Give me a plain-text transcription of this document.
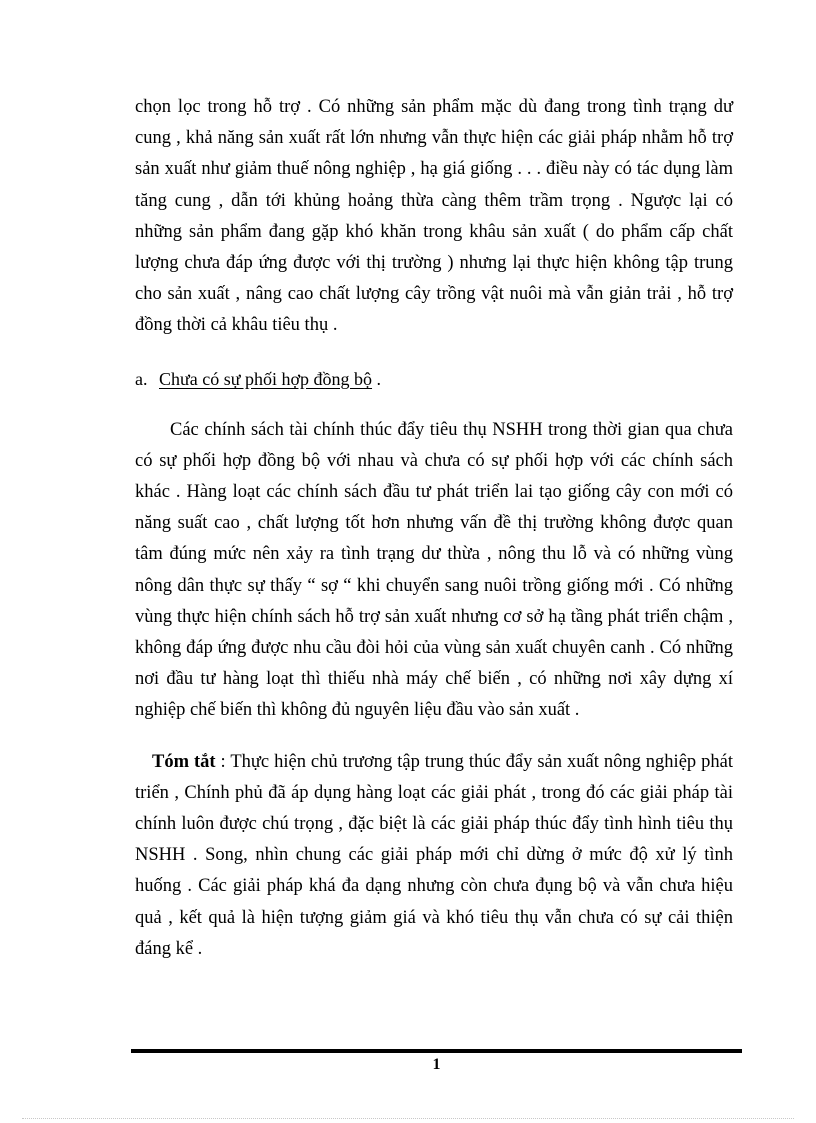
chọn lọc trong hỗ trợ . Có những sản phẩm mặc dù đang trong tình trạng dư cung , khả năng sản xuất rất lớn nhưng vẫn thực hiện các giải pháp nhằm hỗ trợ sản xuất như giảm thuế nông nghiệp , hạ giá giống . . . điều này có tác dụng làm tăng cung , dẫn tới khủng hoảng thừa càng thêm trầm trọng . Ngược lại có những sản phẩm đang gặp khó khăn trong khâu sản xuất ( do phẩm cấp chất lượng chưa đáp ứng được với thị trường ) nhưng lại thực hiện không tập trung cho sản xuất , nâng cao chất lượng cây trồng vật nuôi mà vẫn giản trải , hỗ trợ đồng thời cả khâu tiêu thụ .

a. Chưa có sự phối hợp đồng bộ .

Các chính sách tài chính thúc đẩy tiêu thụ NSHH trong thời gian qua chưa có sự phối hợp đồng bộ với nhau và chưa có sự phối hợp với các chính sách khác . Hàng loạt các chính sách đầu tư phát triển lai tạo giống cây con mới có năng suất cao , chất lượng tốt hơn nhưng vấn đề thị trường không được quan tâm đúng mức nên xảy ra tình trạng dư thừa , nông thu lỗ và có những vùng nông dân thực sự thấy “ sợ “ khi chuyển sang nuôi trồng giống mới . Có những vùng thực hiện chính sách hỗ trợ sản xuất nhưng cơ sở hạ tầng phát triển chậm , không đáp ứng được nhu cầu đòi hỏi của vùng sản xuất chuyên canh . Có những nơi đầu tư hàng loạt thì thiếu nhà máy chế biến , có những nơi xây dựng xí nghiệp chế biến thì không đủ nguyên liệu đầu vào sản xuất .

Tóm tắt : Thực hiện chủ trương tập trung thúc đẩy sản xuất nông nghiệp phát triển , Chính phủ đã áp dụng hàng loạt các giải phát , trong đó các giải pháp tài chính luôn được chú trọng , đặc biệt là các giải pháp thúc đẩy tình hình tiêu thụ NSHH . Song, nhìn chung các giải pháp mới chỉ dừng ở mức độ xử lý tình huống . Các giải pháp khá đa dạng nhưng còn chưa đụng bộ và vẫn chưa hiệu quả , kết quả là hiện tượng giảm giá và khó tiêu thụ vẫn chưa có sự cải thiện đáng kể .

1
